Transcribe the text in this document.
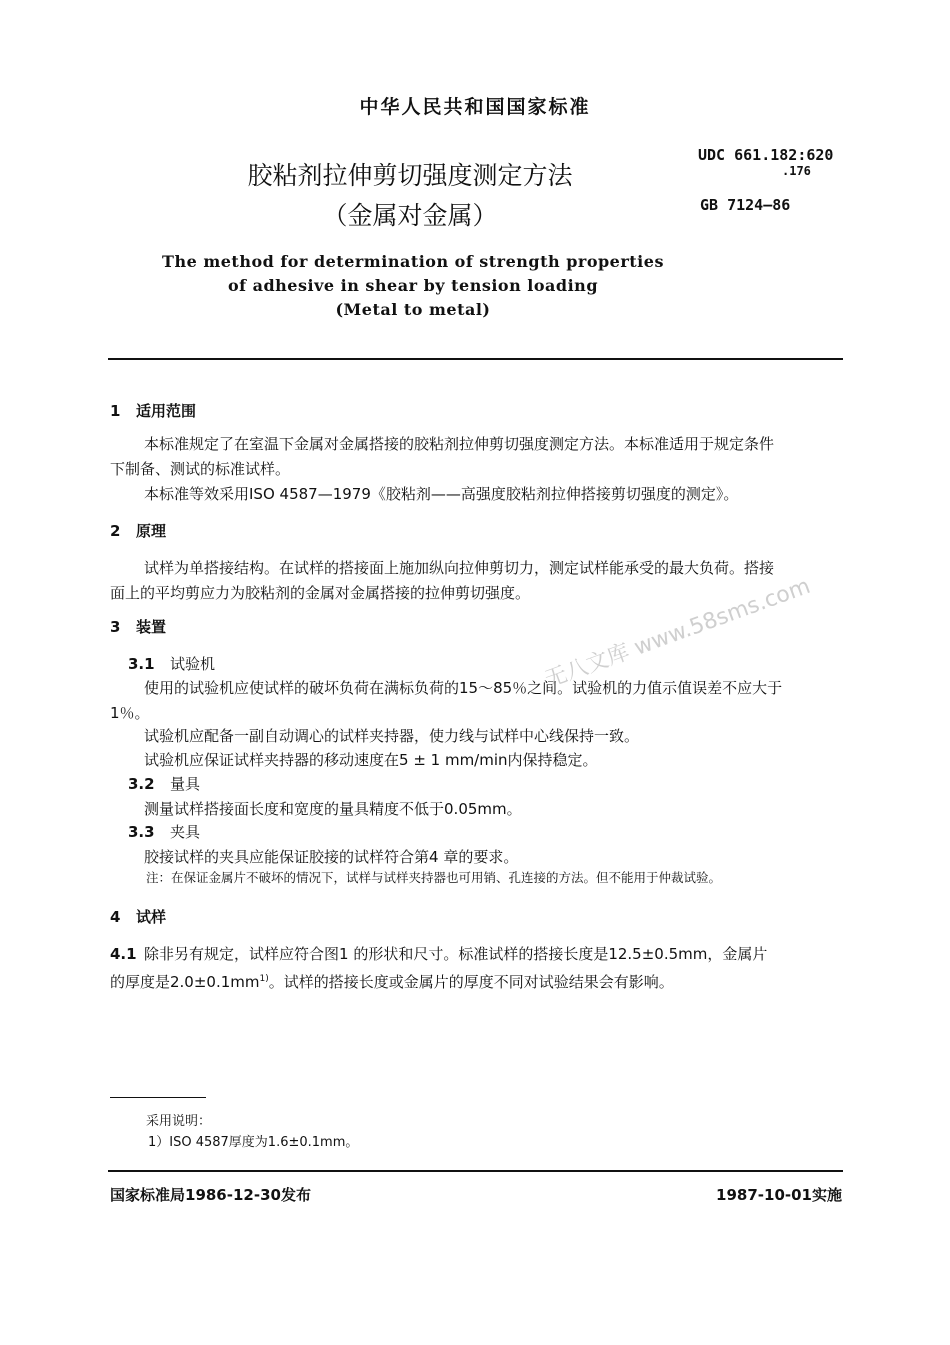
中华人民共和国国家标准
胶粘剂拉伸剪切强度测定方法
（金属对金属）
UDC 661.182:620
.176
GB 7124—86
The method for determination of strength properties
of adhesive in shear by tension loading
(Metal to metal)
1 适用范围
本标准规定了在室温下金属对金属搭接的胶粘剂拉伸剪切强度测定方法。本标准适用于规定条件
下制备、测试的标准试样。
本标准等效采用ISO 4587—1979《胶粘剂——高强度胶粘剂拉伸搭接剪切强度的测定》。
2 原理
试样为单搭接结构。在试样的搭接面上施加纵向拉伸剪切力，测定试样能承受的最大负荷。搭接
面上的平均剪应力为胶粘剂的金属对金属搭接的拉伸剪切强度。
3 装置
3.1 试验机
使用的试验机应使试样的破坏负荷在满标负荷的15～85％之间。试验机的力值示值误差不应大于
1％。
试验机应配备一副自动调心的试样夹持器，使力线与试样中心线保持一致。
试验机应保证试样夹持器的移动速度在5 ± 1 mm/min内保持稳定。
3.2 量具
测量试样搭接面长度和宽度的量具精度不低于0.05mm。
3.3 夹具
胶接试样的夹具应能保证胶接的试样符合第4 章的要求。
注：在保证金属片不破坏的情况下，试样与试样夹持器也可用销、孔连接的方法。但不能用于仲裁试验。
4 试样
4.1 除非另有规定，试样应符合图1 的形状和尺寸。标准试样的搭接长度是12.5±0.5mm，金属片
的厚度是$2.0\pm 0.1mm^{1)}$。试样的搭接长度或金属片的厚度不同对试验结果会有影响。
采用说明：
1）ISO 4587厚度为1.6±0.1mm。
国家标准局1986-12-30发布	1987-10-01实施
无八文库 www.58sms.com
